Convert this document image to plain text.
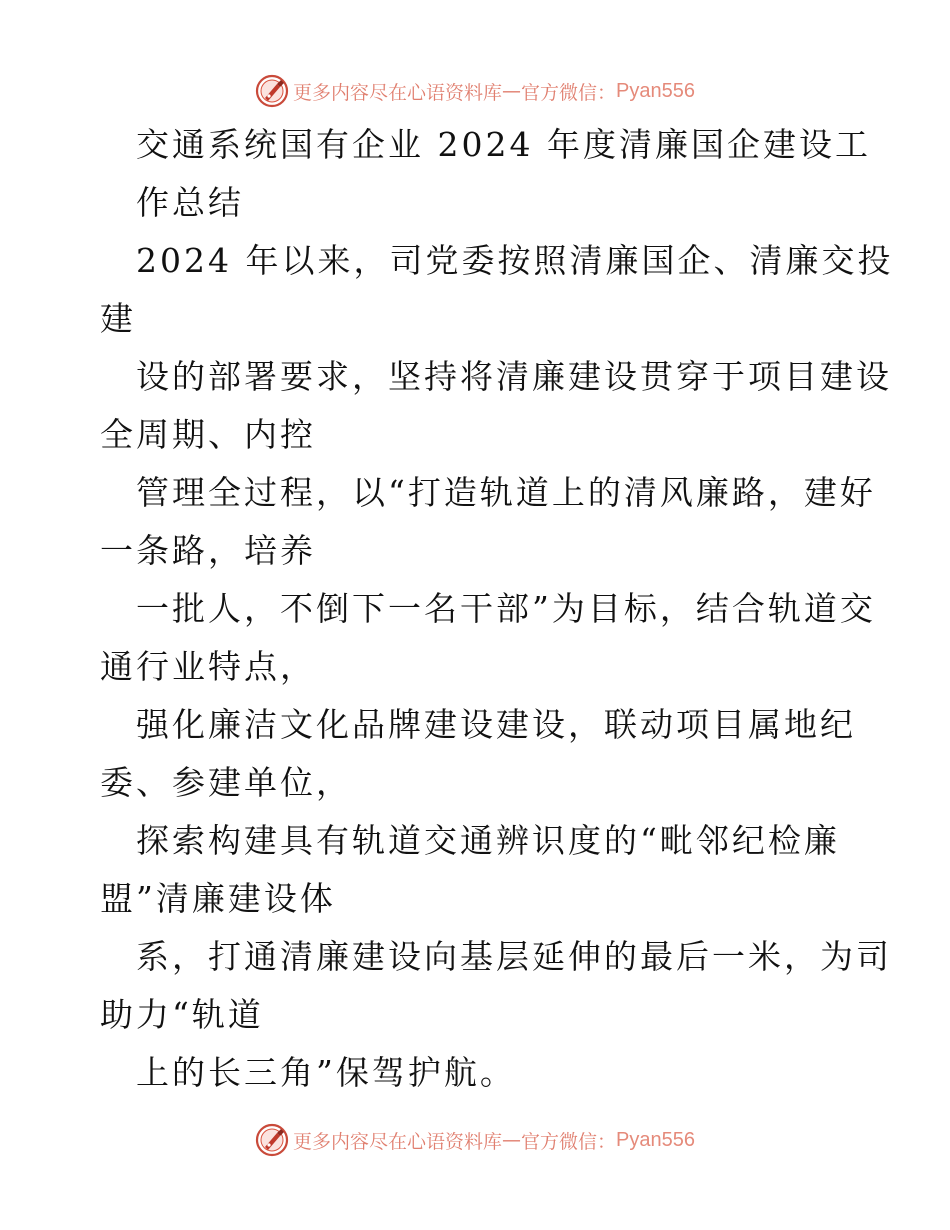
更多内容尽在心语资料库 — 官方微信： Pyan556
交通系统国有企业 2024 年度清廉国企建设工
作总结
2024 年以来，司党委按照清廉国企、清廉交投
建
设的部署要求，坚持将清廉建设贯穿于项目建设
全周期、内控
管理全过程，以“打造轨道上的清风廉路，建好
一条路，培养
一批人，不倒下一名干部”为目标，结合轨道交
通行业特点，
强化廉洁文化品牌建设建设，联动项目属地纪
委、参建单位，
探索构建具有轨道交通辨识度的“毗邻纪检廉
盟”清廉建设体
系，打通清廉建设向基层延伸的最后一米，为司
助力“轨道
上的长三角”保驾护航。
更多内容尽在心语资料库 — 官方微信： Pyan556
